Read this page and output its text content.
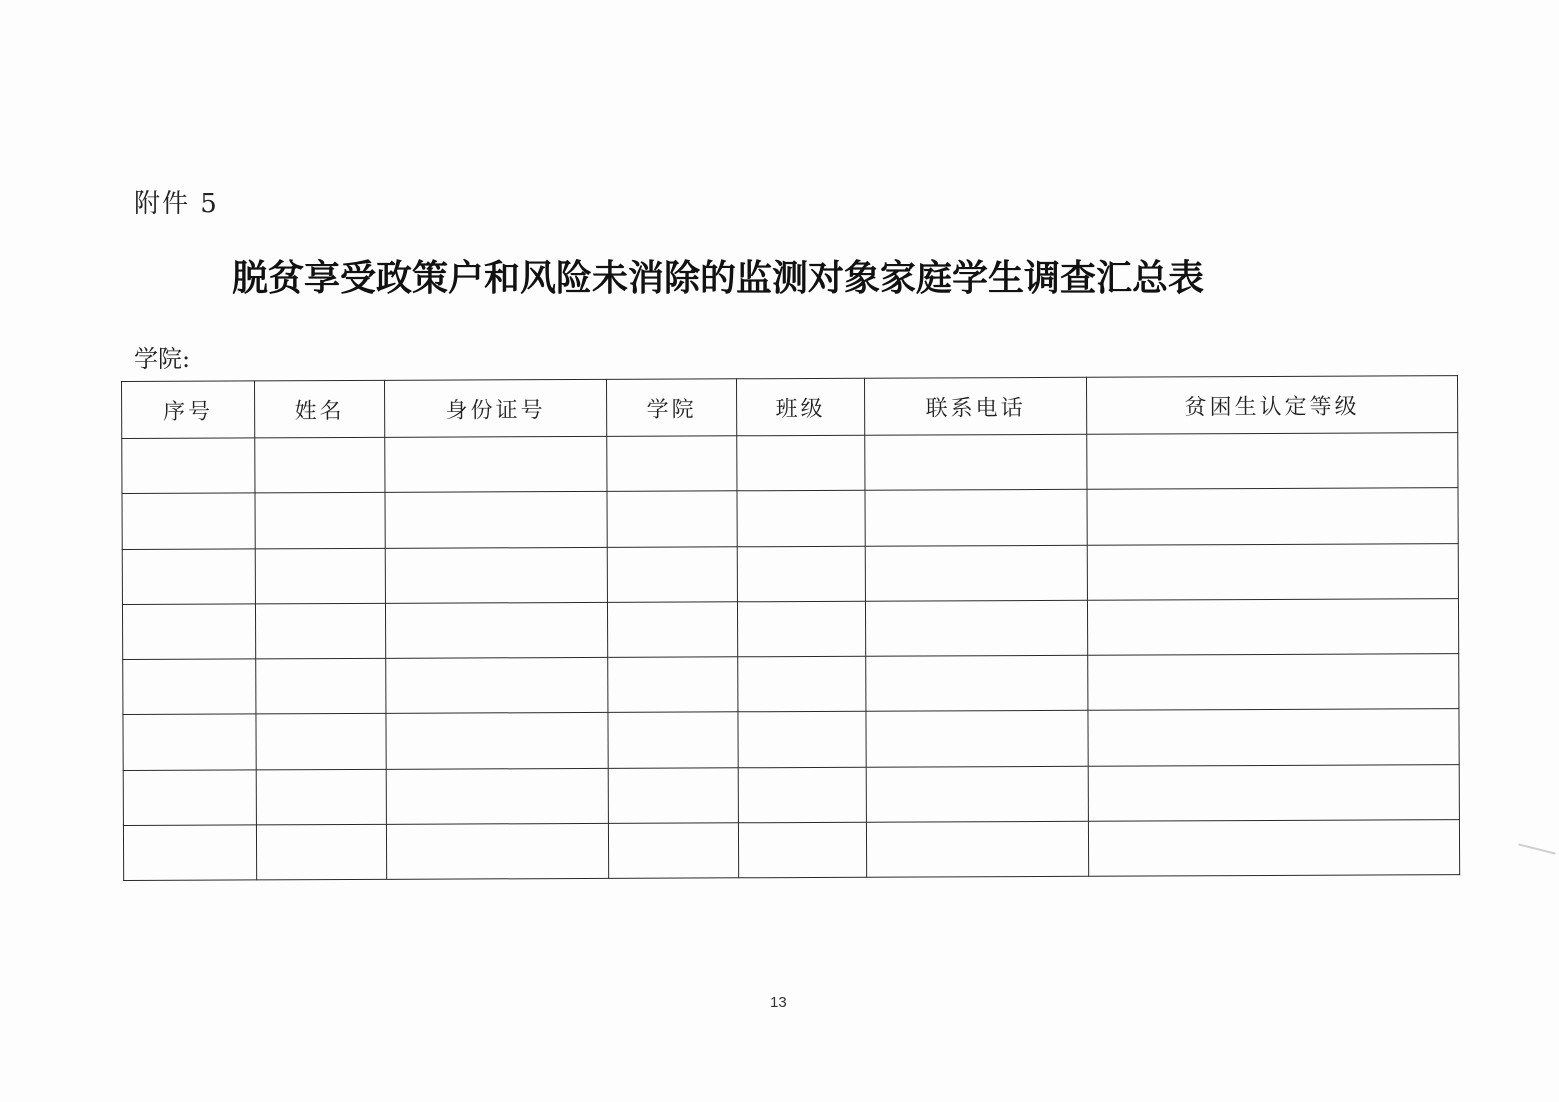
附件 5
脱贫享受政策户和风险未消除的监测对象家庭学生调查汇总表
学院:
序号	姓名	身份证号	学院	班级	联系电话	贫困生认定等级

13
